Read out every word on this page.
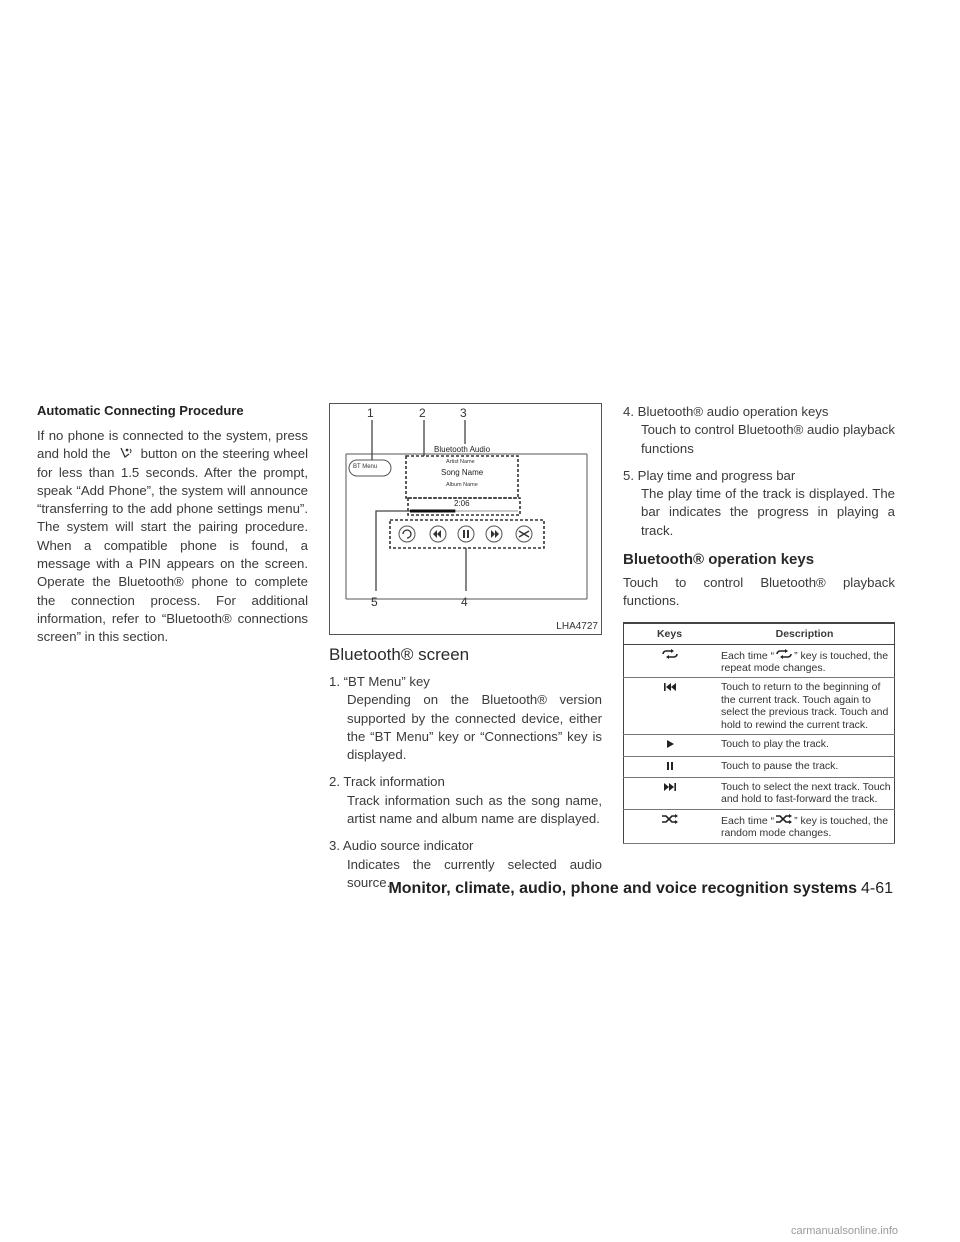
Automatic Connecting Procedure

If no phone is connected to the system, press and hold the  button on the steering wheel for less than 1.5 seconds. After the prompt, speak “Add Phone”, the system will announce “transferring to the add phone settings menu”. The system will start the pairing procedure. When a compatible phone is found, a message with a PIN appears on the screen. Operate the Bluetooth® phone to complete the connection process. For additional information, refer to “Bluetooth® connections screen” in this section.

1	2	3
4
5
BT Menu
Bluetooth Audio
Artist Name
Song Name
Album Name
2:06
LHA4727
Bluetooth® screen
1. “BT Menu” key
Depending on the Bluetooth® version supported by the connected device, either the “BT Menu” key or “Connections” key is displayed.
2. Track information
Track information such as the song name, artist name and album name are displayed.
3. Audio source indicator
Indicates the currently selected audio source.
4. Bluetooth® audio operation keys
Touch to control Bluetooth® audio playback functions
5. Play time and progress bar
The play time of the track is displayed. The bar indicates the progress in playing a track.
Bluetooth® operation keys

Touch to control Bluetooth® playback functions.

Keys	Description
	Each time “ ” key is touched, the repeat mode changes.
	Touch to return to the beginning of the current track. Touch again to select the previous track. Touch and hold to rewind the current track.
	Touch to play the track.
	Touch to pause the track.
	Touch to select the next track. Touch and hold to fast-forward the track.
	Each time “ ” key is touched, the random mode changes.
Monitor, climate, audio, phone and voice recognition systems 4-61
carmanualsonline.info
